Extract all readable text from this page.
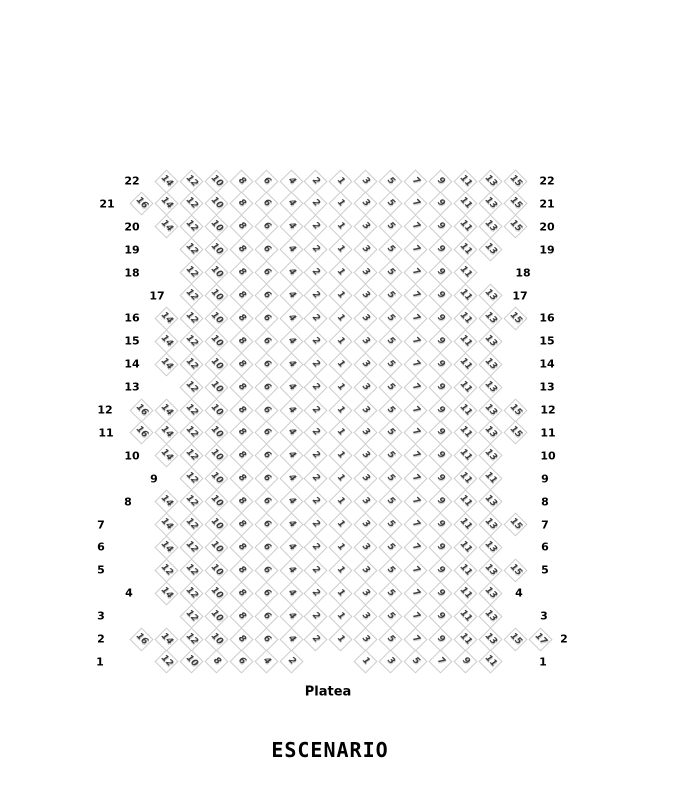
22	22
14 12 10 8 6 4 2 1 3 5 7 9 11 13 15
21	21
16 14 12 10 8 6 4 2 1 3 5 7 9 11 13 15
20	20
14 12 10 8 6 4 2 1 3 5 7 9 11 13 15
19	19
12 10 8 6 4 2 1 3 5 7 9 11 13
18	18
12 10 8 6 4 2 1 3 5 7 9 11
17	17
12 10 8 6 4 2 1 3 5 7 9 11 13
16	16
14 12 10 8 6 4 2 1 3 5 7 9 11 13 15
15	15
14 12 10 8 6 4 2 1 3 5 7 9 11 13
14	14
14 12 10 8 6 4 2 1 3 5 7 9 11 13
13	13
12 10 8 6 4 2 1 3 5 7 9 11 13
12	12
16 14 12 10 8 6 4 2 1 3 5 7 9 11 13 15
11	11
16 14 12 10 8 6 4 2 1 3 5 7 9 11 13 15
10	10
14 12 10 8 6 4 2 1 3 5 7 9 11 13
9	9
12 10 8 6 4 2 1 3 5 7 9 11 11
8	8
14 12 10 8 6 4 2 1 3 5 7 9 11 13
7	7
14 12 10 8 6 4 2 1 3 5 7 9 11 13 15
6	6
14 12 10 8 6 4 2 1 3 5 7 9 11 13
5	5
12 12 10 8 6 4 2 1 3 5 7 9 11 13 15
4	4
14 12 10 8 6 4 2 1 3 5 7 9 11 13
3	3
12 10 8 6 4 2 1 3 5 7 9 11 13
2	2
16 14 12 10 8 6 4 2 1 3 5 7 9 11 13 15 17
1	1
12 10 8 6 4 2	1 3 5 7 9 11
Platea
ESCENARIO
